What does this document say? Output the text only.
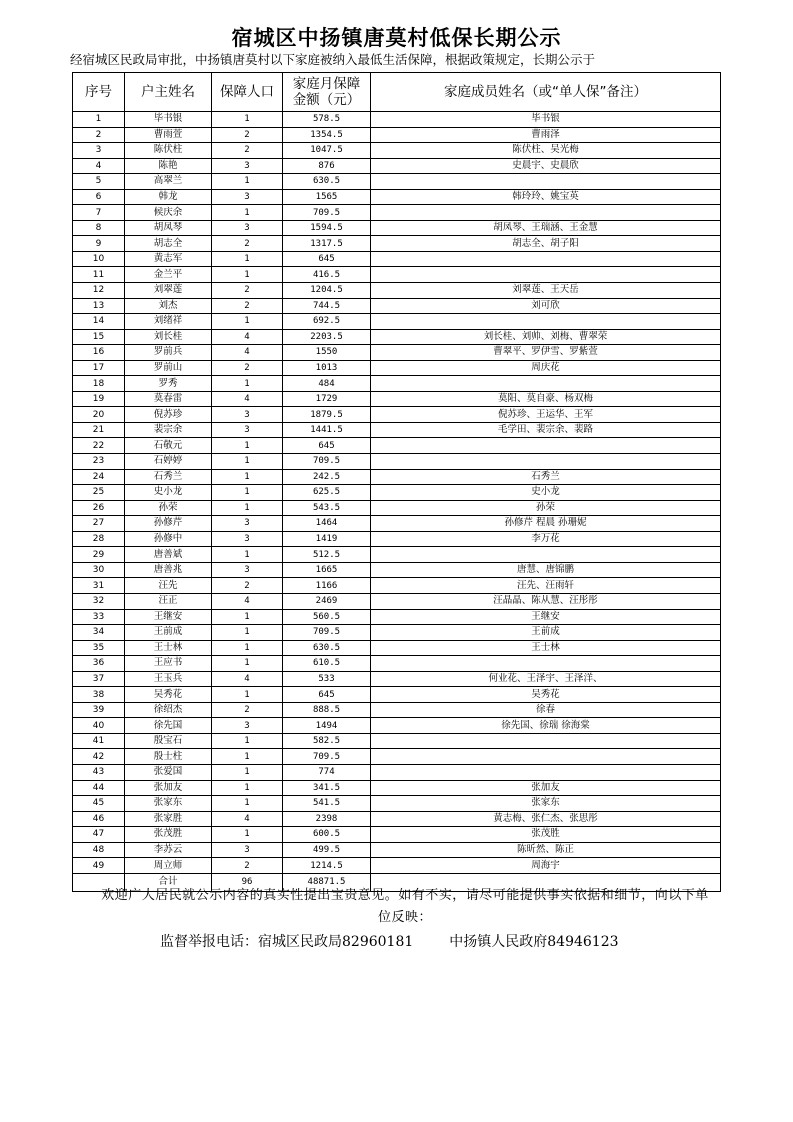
宿城区中扬镇唐莫村低保长期公示
经宿城区民政局审批，中扬镇唐莫村以下家庭被纳入最低生活保障，根据政策规定，长期公示于
序号	户主姓名	保障人口	家庭月保障
金额（元）	家庭成员姓名（或“单人保”备注）
1	毕书银	1	578.5	毕书银
2	曹雨萱	2	1354.5	曹雨泽
3	陈伏柱	2	1047.5	陈伏柱、吴光梅
4	陈艳	3	876	史晨宇、史晨欣
5	高翠兰	1	630.5	
6	韩龙	3	1565	韩玲玲、姚宝英
7	候庆余	1	709.5	
8	胡凤琴	3	1594.5	胡凤琴、王瑞涵、王金慧
9	胡志全	2	1317.5	胡志全、胡子阳
10	黄志军	1	645	
11	金兰平	1	416.5	
12	刘翠莲	2	1204.5	刘翠莲、王天岳
13	刘杰	2	744.5	刘可欣
14	刘绪祥	1	692.5	
15	刘长桂	4	2203.5	刘长桂、刘帅、刘梅、曹翠荣
16	罗前兵	4	1550	曹翠平、罗伊雪、罗紫萱
17	罗前山	2	1013	周庆花
18	罗秀	1	484	
19	莫春雷	4	1729	莫阳、莫自豪、杨双梅
20	倪苏珍	3	1879.5	倪苏珍、王运华、王军
21	裴宗余	3	1441.5	毛学田、裴宗余、裴路
22	石敬元	1	645	
23	石婷婷	1	709.5	
24	石秀兰	1	242.5	石秀兰
25	史小龙	1	625.5	史小龙
26	孙荣	1	543.5	孙荣
27	孙修芹	3	1464	孙修芹 程晨 孙珊妮
28	孙修中	3	1419	李万花
29	唐善斌	1	512.5	
30	唐善兆	3	1665	唐慧、唐锦鹏
31	汪先	2	1166	汪先、汪雨轩
32	汪正	4	2469	汪晶晶、陈从慧、汪彤彤
33	王继安	1	560.5	王继安
34	王前成	1	709.5	王前成
35	王士林	1	630.5	王士林
36	王应书	1	610.5	
37	王玉兵	4	533	何业花、王泽宇、王泽洋、
38	吴秀花	1	645	吴秀花
39	徐绍杰	2	888.5	徐春
40	徐先国	3	1494	徐先国、徐瑞 徐海棠
41	殷宝石	1	582.5	
42	殷士柱	1	709.5	
43	张爱国	1	774	
44	张加友	1	341.5	张加友
45	张家东	1	541.5	张家东
46	张家胜	4	2398	黄志梅、张仁杰、张思彤
47	张茂胜	1	600.5	张茂胜
48	李苏云	3	499.5	陈昕然、陈正
49	周立师	2	1214.5	周海宇
	合计	96	48871.5	
欢迎广大居民就公示内容的真实性提出宝贵意见。如有不实，请尽可能提供事实依据和细节，向以下单位反映：
监督举报电话：宿城区民政局82960181	中扬镇人民政府84946123
